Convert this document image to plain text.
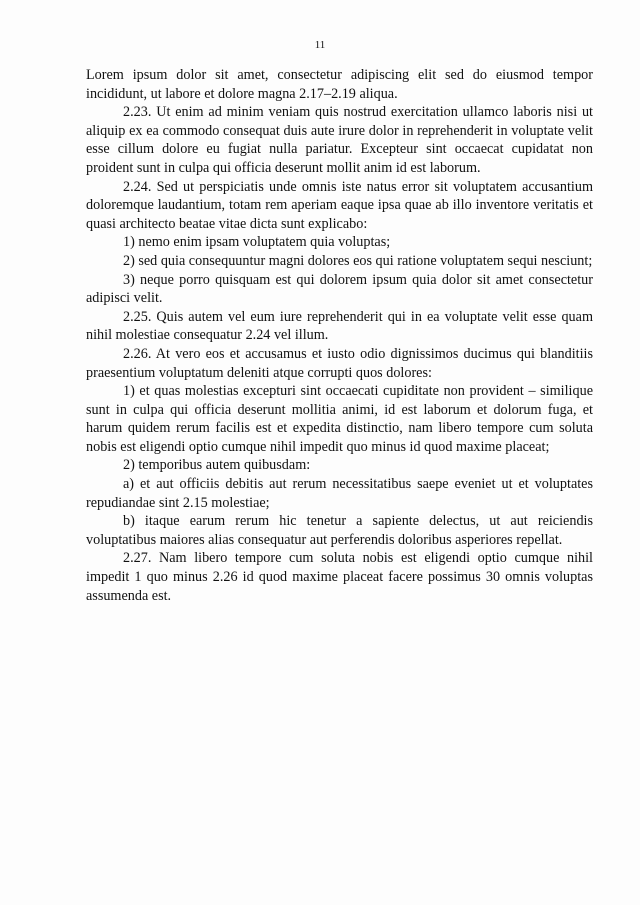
11

Lorem ipsum dolor sit amet, consectetur adipiscing elit sed do eiusmod tempor incididunt, ut labore et dolore magna 2.17–2.19 aliqua.

2.23. Ut enim ad minim veniam quis nostrud exercitation ullamco laboris nisi ut aliquip ex ea commodo consequat duis aute irure dolor in reprehenderit in voluptate velit esse cillum dolore eu fugiat nulla pariatur. Excepteur sint occaecat cupidatat non proident sunt in culpa qui officia deserunt mollit anim id est laborum.

2.24. Sed ut perspiciatis unde omnis iste natus error sit voluptatem accusantium doloremque laudantium, totam rem aperiam eaque ipsa quae ab illo inventore veritatis et quasi architecto beatae vitae dicta sunt explicabo:

1) nemo enim ipsam voluptatem quia voluptas;

2) sed quia consequuntur magni dolores eos qui ratione voluptatem sequi nesciunt;

3) neque porro quisquam est qui dolorem ipsum quia dolor sit amet consectetur adipisci velit.

2.25. Quis autem vel eum iure reprehenderit qui in ea voluptate velit esse quam nihil molestiae consequatur 2.24 vel illum.

2.26. At vero eos et accusamus et iusto odio dignissimos ducimus qui blanditiis praesentium voluptatum deleniti atque corrupti quos dolores:

1) et quas molestias excepturi sint occaecati cupiditate non provident – similique sunt in culpa qui officia deserunt mollitia animi, id est laborum et dolorum fuga, et harum quidem rerum facilis est et expedita distinctio, nam libero tempore cum soluta nobis est eligendi optio cumque nihil impedit quo minus id quod maxime placeat;

2) temporibus autem quibusdam:

a) et aut officiis debitis aut rerum necessitatibus saepe eveniet ut et voluptates repudiandae sint 2.15 molestiae;

b) itaque earum rerum hic tenetur a sapiente delectus, ut aut reiciendis voluptatibus maiores alias consequatur aut perferendis doloribus asperiores repellat.

2.27. Nam libero tempore cum soluta nobis est eligendi optio cumque nihil impedit 1 quo minus 2.26 id quod maxime placeat facere possimus 30 omnis voluptas assumenda est.
